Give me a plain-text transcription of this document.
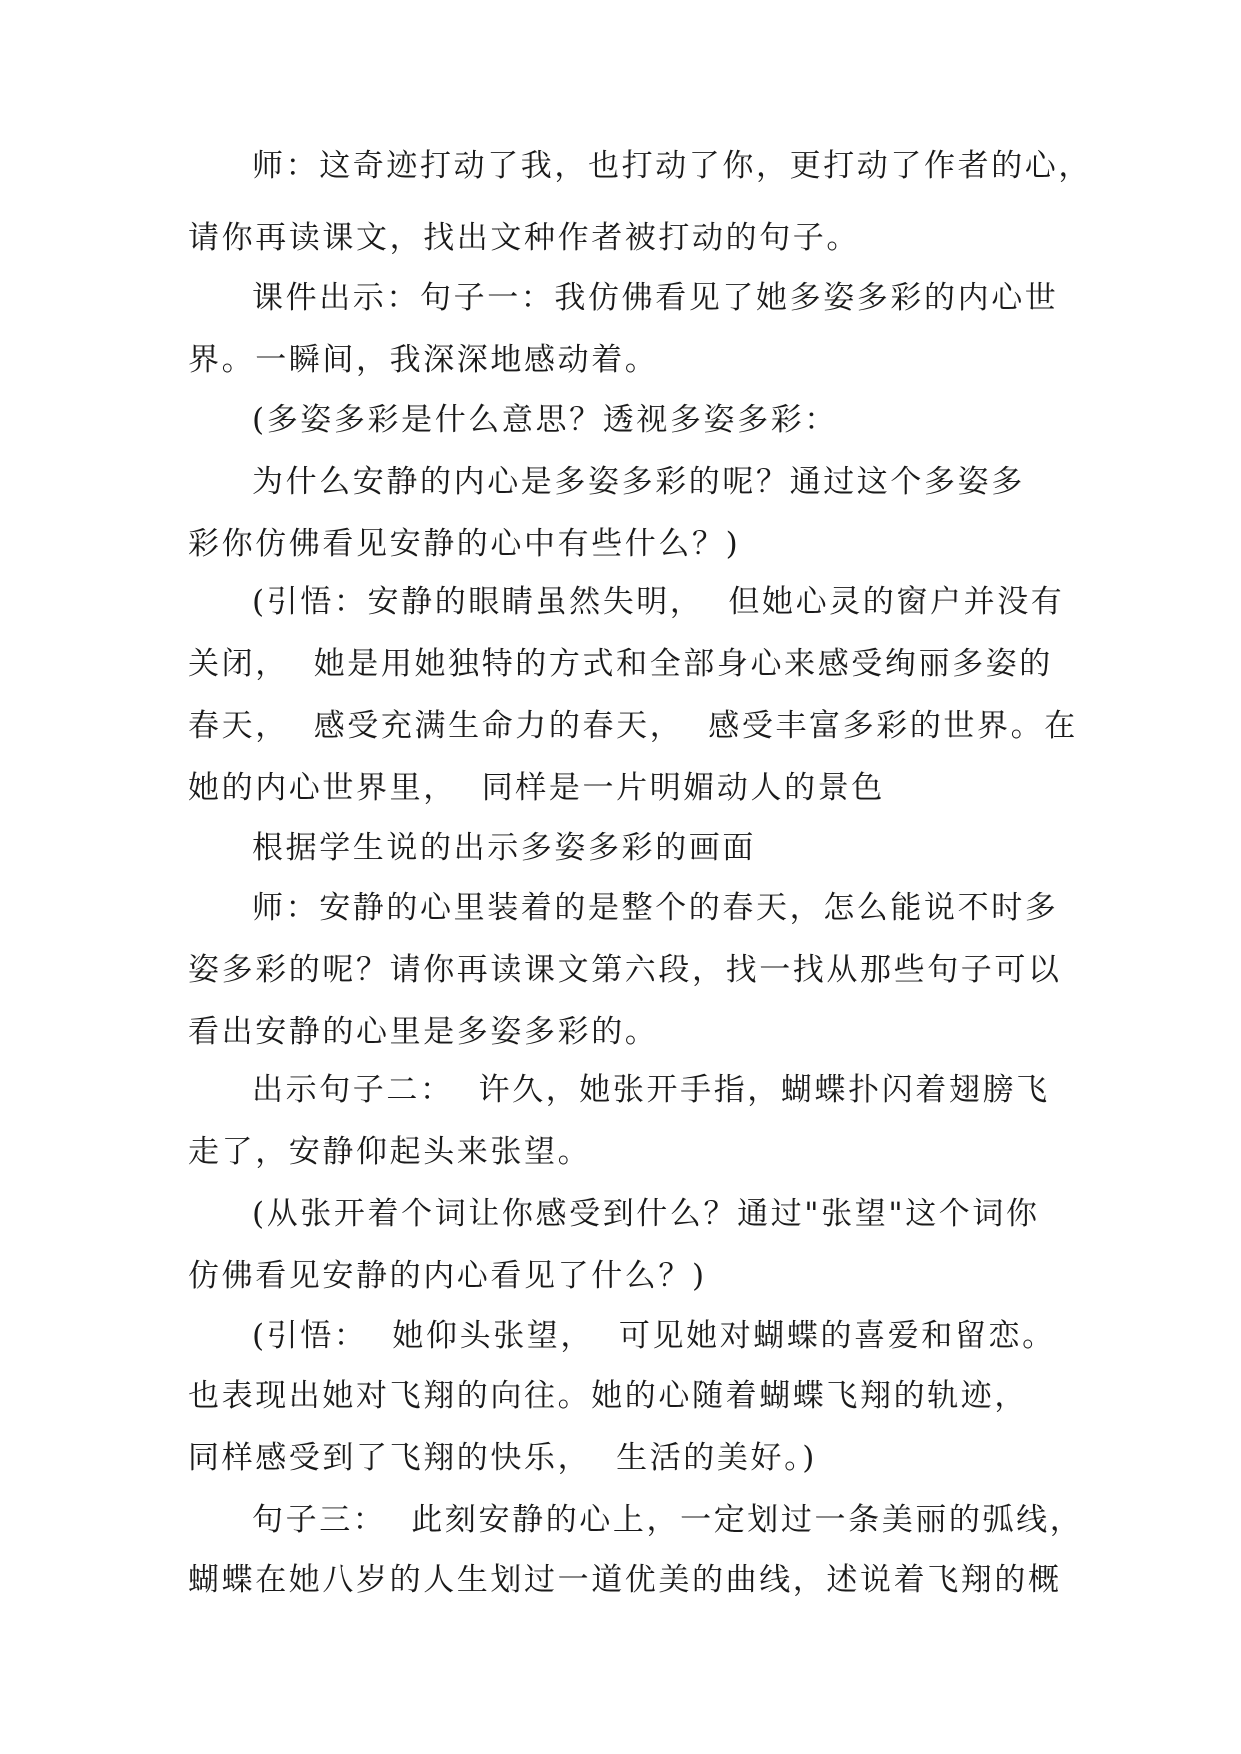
师：这奇迹打动了我，也打动了你，更打动了作者的心，
请你再读课文，找出文种作者被打动的句子。
课件出示：句子一：我仿佛看见了她多姿多彩的内心世
界。一瞬间，我深深地感动着。
(多姿多彩是什么意思？透视多姿多彩：
为什么安静的内心是多姿多彩的呢？通过这个多姿多
彩你仿佛看见安静的心中有些什么？)
(引悟：安静的眼睛虽然失明，  但她心灵的窗户并没有
关闭，  她是用她独特的方式和全部身心来感受绚丽多姿的
春天，  感受充满生命力的春天，  感受丰富多彩的世界。在
她的内心世界里，  同样是一片明媚动人的景色
根据学生说的出示多姿多彩的画面
师：安静的心里装着的是整个的春天，怎么能说不时多
姿多彩的呢？请你再读课文第六段，找一找从那些句子可以
看出安静的心里是多姿多彩的。
出示句子二：  许久，她张开手指，蝴蝶扑闪着翅膀飞
走了，安静仰起头来张望。
(从张开着个词让你感受到什么？通过"张望"这个词你
仿佛看见安静的内心看见了什么？)
(引悟：  她仰头张望，  可见她对蝴蝶的喜爱和留恋。
也表现出她对飞翔的向往。她的心随着蝴蝶飞翔的轨迹，
同样感受到了飞翔的快乐，  生活的美好。)
句子三：  此刻安静的心上，一定划过一条美丽的弧线，
蝴蝶在她八岁的人生划过一道优美的曲线，述说着飞翔的概
